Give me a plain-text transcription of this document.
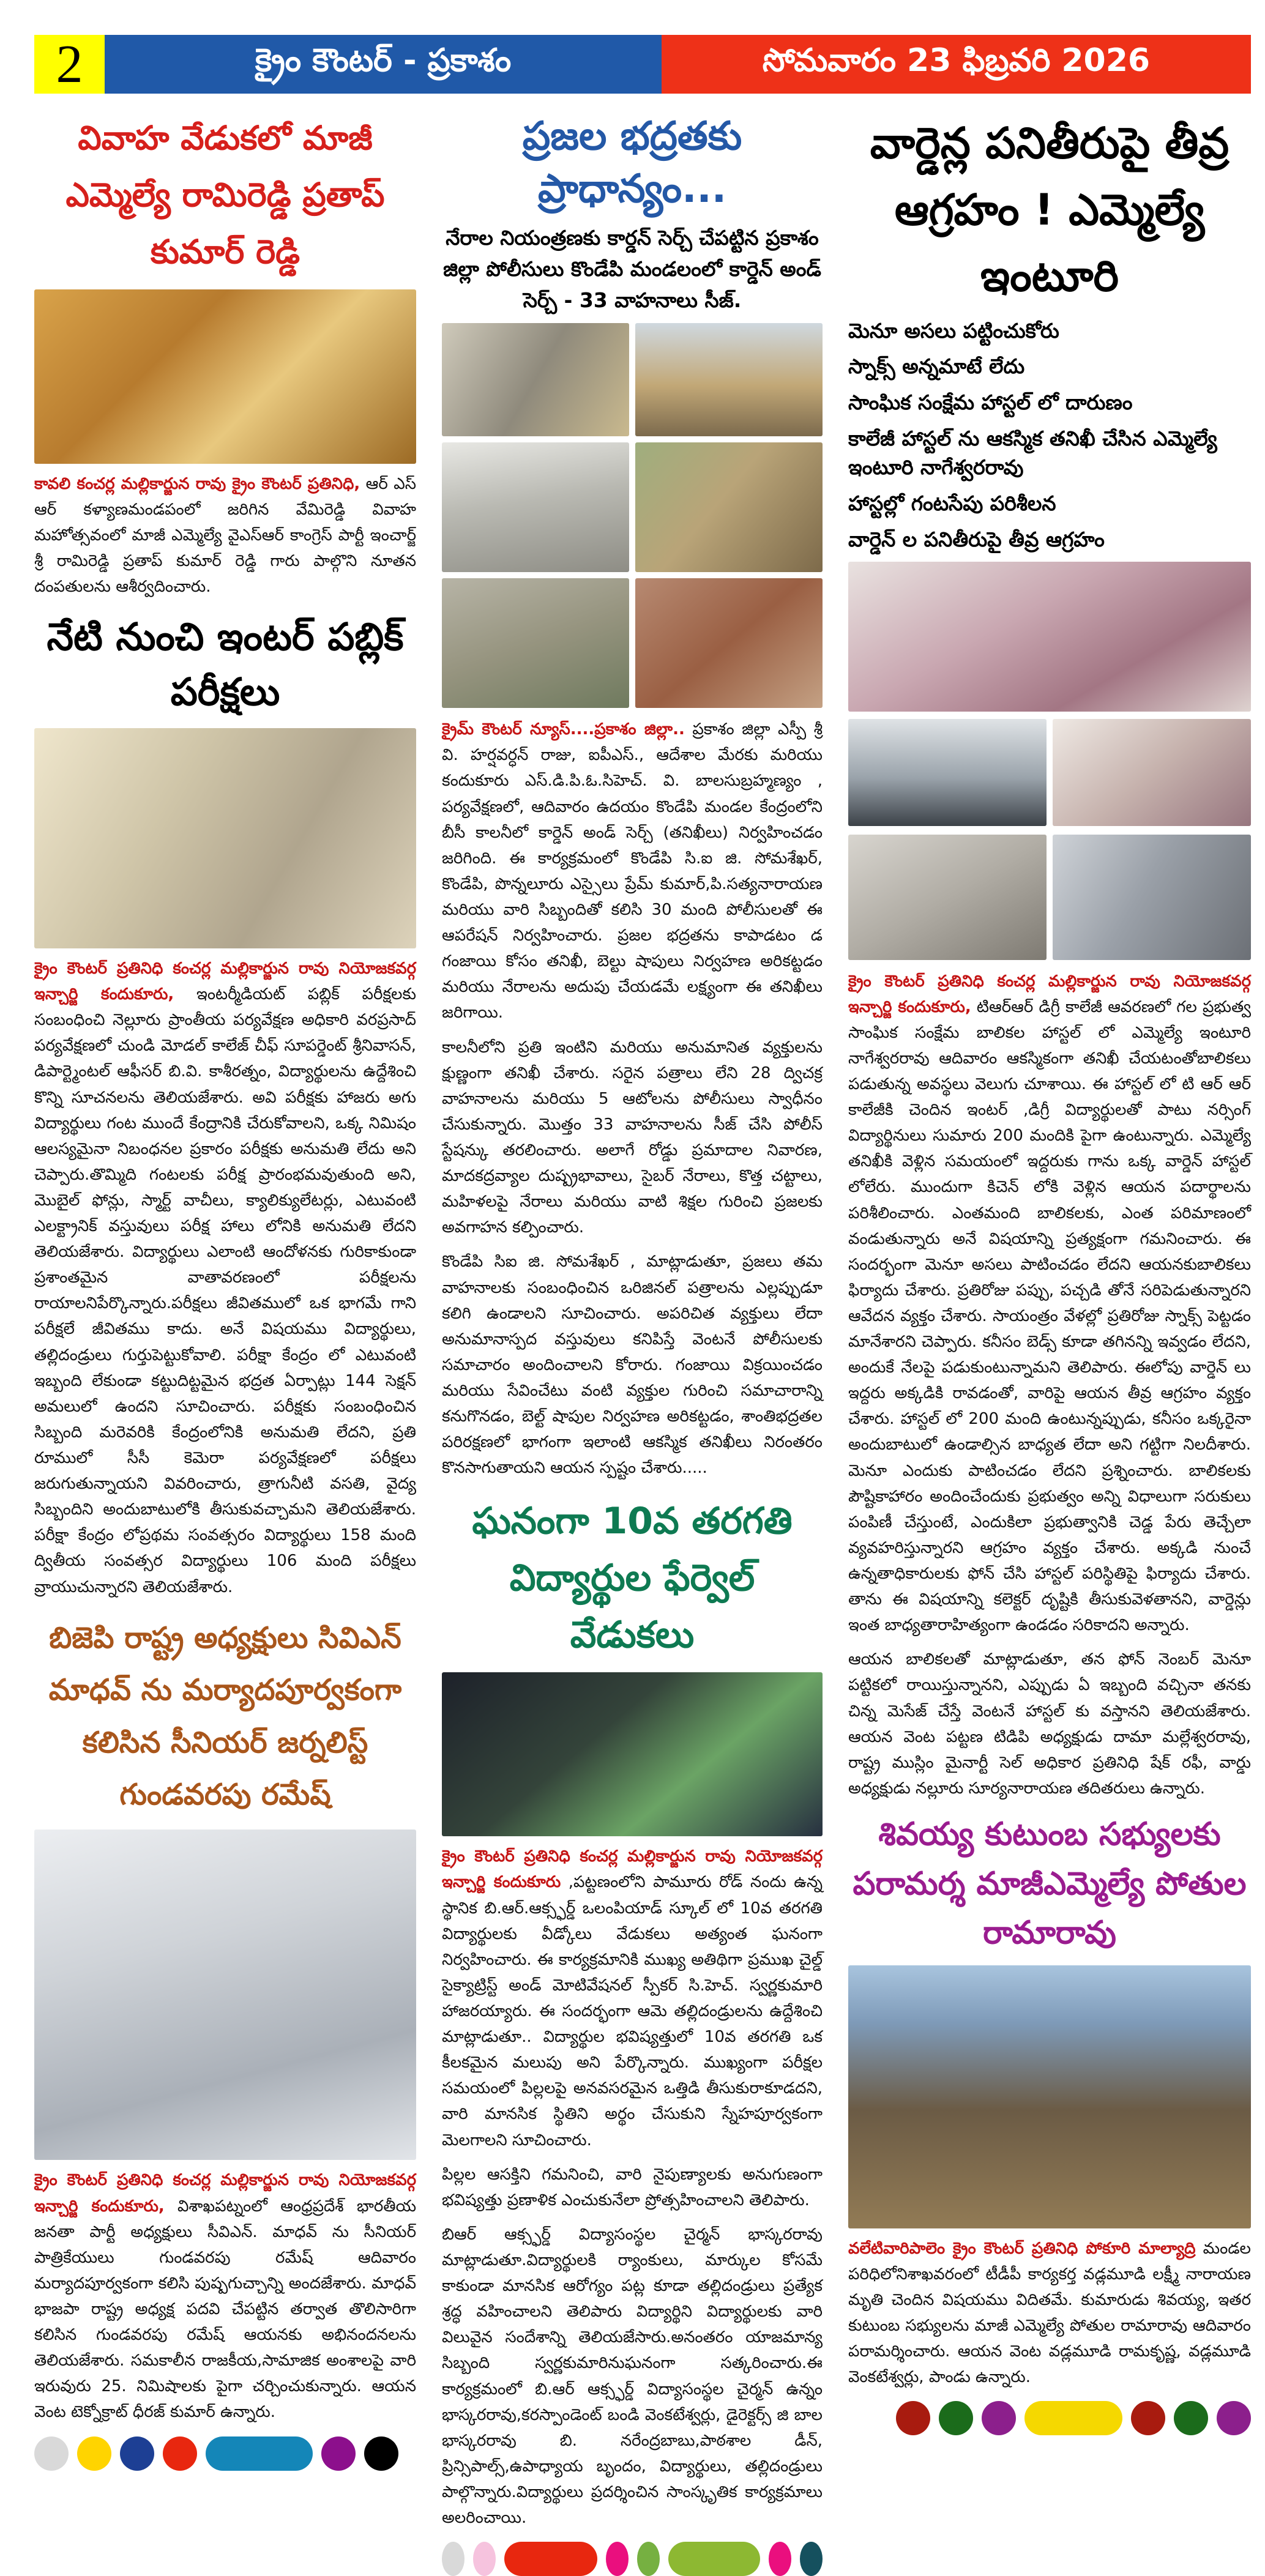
2	క్రైం కౌంటర్ - ప్రకాశం	సోమవారం 23 ఫిబ్రవరి 2026
వివాహ వేడుకలో మాజీ ఎమ్మెల్యే రామిరెడ్డి ప్రతాప్ కుమార్ రెడ్డి

కావలి కంచర్ల మల్లికార్జున రావు క్రైం కౌంటర్ ప్రతినిధి, ఆర్ ఎస్ ఆర్ కళ్యాణమండపంలో జరిగిన వేమిరెడ్డి వివాహ మహోత్సవంలో మాజీ ఎమ్మెల్యే వైఎస్ఆర్ కాంగ్రెస్ పార్టీ ఇంచార్జ్ శ్రీ రామిరెడ్డి ప్రతాప్ కుమార్ రెడ్డి గారు పాల్గొని నూతన దంపతులను ఆశీర్వదించారు.

నేటి నుంచి ఇంటర్ పబ్లిక్ పరీక్షలు

క్రైం కౌంటర్ ప్రతినిధి కంచర్ల మల్లికార్జున రావు నియోజకవర్గ ఇన్చార్జి కందుకూరు, ఇంటర్మీడియట్ పబ్లిక్ పరీక్షలకు సంబంధించి నెల్లూరు ప్రాంతీయ పర్యవేక్షణ అధికారి వరప్రసాద్ పర్యవేక్షణలో చుండి మోడల్ కాలేజ్ చీఫ్ సూపర్డెంట్ శ్రీనివాసన్, డిపార్ట్మెంటల్ ఆఫీసర్ బి.వి. కాశీరత్నం, విద్యార్థులను ఉద్దేశించి కొన్ని సూచనలను తెలియజేశారు. అవి పరీక్షకు హాజరు అగు విద్యార్థులు గంట ముందే కేంద్రానికి చేరుకోవాలని, ఒక్క నిమిషం ఆలస్యమైనా నిబంధనల ప్రకారం పరీక్షకు అనుమతి లేదు అని చెప్పారు.తొమ్మిది గంటలకు పరీక్ష ప్రారంభమవుతుంది అని, మొబైల్ ఫోన్లు, స్మార్ట్ వాచీలు, క్యాలిక్యులేటర్లు, ఎటువంటి ఎలక్ట్రానిక్ వస్తువులు పరీక్ష హాలు లోనికి అనుమతి లేదని తెలియజేశారు. విద్యార్థులు ఎలాంటి ఆందోళనకు గురికాకుండా ప్రశాంతమైన వాతావరణంలో పరీక్షలను రాయాలనిపేర్కొన్నారు.పరీక్షలు జీవితములో ఒక భాగమే గాని పరీక్షలే జీవితము కాదు. అనే విషయము విద్యార్థులు, తల్లిదండ్రులు గుర్తుపెట్టుకోవాలి. పరీక్షా కేంద్రం లో ఎటువంటి ఇబ్బంది లేకుండా కట్టుదిట్టమైన భద్రత ఏర్పాట్లు 144 సెక్షన్ అమలులో ఉందని సూచించారు. పరీక్షకు సంబంధించిన సిబ్బంది మరెవరికి కేంద్రంలోనికి అనుమతి లేదని, ప్రతి రూములో సీసీ కెమెరా పర్యవేక్షణలో పరీక్షలు జరుగుతున్నాయని వివరించారు, త్రాగునీటి వసతి, వైద్య సిబ్బందిని అందుబాటులోకి తీసుకువచ్చామని తెలియజేశారు. పరీక్షా కేంద్రం లోప్రథమ సంవత్సరం విద్యార్థులు 158 మంది ద్వితీయ సంవత్సర విద్యార్థులు 106 మంది పరీక్షలు వ్రాయుచున్నారని తెలియజేశారు.

బిజెపి రాష్ట్ర అధ్యక్షులు సివిఎన్ మాధవ్ ను మర్యాదపూర్వకంగా కలిసిన సీనియర్ జర్నలిస్ట్ గుండవరపు రమేష్

క్రైం కౌంటర్ ప్రతినిధి కంచర్ల మల్లికార్జున రావు నియోజకవర్గ ఇన్చార్జి కందుకూరు, విశాఖపట్నంలో ఆంధ్రప్రదేశ్ భారతీయ జనతా పార్టీ అధ్యక్షులు సీవిఎన్. మాధవ్ ను సీనియర్ పాత్రికేయులు గుండవరపు రమేష్ ఆదివారం మర్యాదపూర్వకంగా కలిసి పుష్పగుచ్చాన్ని అందజేశారు. మాధవ్ భాజపా రాష్ట్ర అధ్యక్ష పదవి చేపట్టిన తర్వాత తొలిసారిగా కలిసిన గుండవరపు రమేష్ ఆయనకు అభినందనలను తెలియజేశారు. సమకాలీన రాజకీయ,సామాజిక అంశాలపై వారి ఇరువురు 25. నిమిషాలకు పైగా చర్చించుకున్నారు. ఆయన వెంట టెక్నోక్రాట్ ధీరజ్ కుమార్ ఉన్నారు.

ప్రజల భద్రతకు ప్రాధాన్యం...
నేరాల నియంత్రణకు కార్డన్ సెర్చ్ చేపట్టిన ప్రకాశం జిల్లా పోలీసులు కొండేపి మండలంలో కార్డెన్ అండ్ సెర్చ్ - 33 వాహనాలు సీజ్.

క్రైమ్ కౌంటర్ న్యూస్....ప్రకాశం జిల్లా.. ప్రకాశం జిల్లా ఎస్పీ శ్రీ వి. హర్షవర్ధన్ రాజు, ఐపీఎస్., ఆదేశాల మేరకు మరియు కందుకూరు ఎస్.డి.పి.ఓ.సిహెచ్. వి. బాలసుబ్రహ్మణ్యం , పర్యవేక్షణలో, ఆదివారం ఉదయం కొండేపి మండల కేంద్రంలోని బీసీ కాలనీలో కార్డెన్ అండ్ సెర్చ్ (తనిఖీలు) నిర్వహించడం జరిగింది. ఈ కార్యక్రమంలో కొండేపి సి.ఐ జి. సోమశేఖర్, కొండేపి, పొన్నలూరు ఎస్సైలు ప్రేమ్ కుమార్,పి.సత్యనారాయణ మరియు వారి సిబ్బందితో కలిసి 30 మంది పోలీసులతో ఈ ఆపరేషన్ నిర్వహించారు. ప్రజల భద్రతను కాపాడటం డ గంజాయి కోసం తనిఖీ, బెల్టు షాపులు నిర్వహణ అరికట్టడం మరియు నేరాలను అదుపు చేయడమే లక్ష్యంగా ఈ తనిఖీలు జరిగాయి.

కాలనీలోని ప్రతి ఇంటిని మరియు అనుమానిత వ్యక్తులను క్షుణ్ణంగా తనిఖీ చేశారు. సరైన పత్రాలు లేని 28 ద్విచక్ర వాహనాలను మరియు 5 ఆటోలను పోలీసులు స్వాధీనం చేసుకున్నారు. మొత్తం 33 వాహనాలను సీజ్ చేసి పోలీస్ స్టేషన్కు తరలించారు. అలాగే రోడ్డు ప్రమాదాల నివారణ, మాదకద్రవ్యాల దుష్ప్రభావాలు, సైబర్ నేరాలు, కొత్త చట్టాలు, మహిళలపై నేరాలు మరియు వాటి శిక్షల గురించి ప్రజలకు అవగాహన కల్పించారు.

కొండేపి సిఐ జి. సోమశేఖర్ , మాట్లాడుతూ, ప్రజలు తమ వాహనాలకు సంబంధించిన ఒరిజినల్ పత్రాలను ఎల్లప్పుడూ కలిగి ఉండాలని సూచించారు. అపరిచిత వ్యక్తులు లేదా అనుమానాస్పద వస్తువులు కనిపిస్తే వెంటనే పోలీసులకు సమాచారం అందించాలని కోరారు. గంజాయి విక్రయించడం మరియు సేవించేటు వంటి వ్యక్తుల గురించి సమాచారాన్ని కనుగొనడం, బెల్ట్ షాపుల నిర్వహణ అరికట్టడం, శాంతిభద్రతల పరిరక్షణలో భాగంగా ఇలాంటి ఆకస్మిక తనిఖీలు నిరంతరం కొనసాగుతాయని ఆయన స్పష్టం చేశారు.....

ఘనంగా 10వ తరగతి విద్యార్థుల ఫేర్వెల్ వేడుకలు

క్రైం కౌంటర్ ప్రతినిధి కంచర్ల మల్లికార్జున రావు నియోజకవర్గ ఇన్చార్జి కందుకూరు ,పట్టణంలోని పామూరు రోడ్ నందు ఉన్న స్థానిక బి.ఆర్.ఆక్స్ఫర్డ్ ఒలంపియాడ్ స్కూల్ లో 10వ తరగతి విద్యార్థులకు వీడ్కోలు వేడుకలు అత్యంత ఘనంగా నిర్వహించారు. ఈ కార్యక్రమానికి ముఖ్య అతిథిగా ప్రముఖ చైల్డ్ సైక్యాట్రిస్ట్ అండ్ మోటివేషనల్ స్పీకర్ సి.హెచ్. స్వర్ణకుమారి హాజరయ్యారు. ఈ సందర్భంగా ఆమె తల్లిదండ్రులను ఉద్దేశించి మాట్లాడుతూ.. విద్యార్థుల భవిష్యత్తులో 10వ తరగతి ఒక కీలకమైన మలుపు అని పేర్కొన్నారు. ముఖ్యంగా పరీక్షల సమయంలో పిల్లలపై అనవసరమైన ఒత్తిడి తీసుకురాకూడదని, వారి మానసిక స్థితిని అర్థం చేసుకుని స్నేహపూర్వకంగా మెలగాలని సూచించారు.

పిల్లల ఆసక్తిని గమనించి, వారి నైపుణ్యాలకు అనుగుణంగా భవిష్యత్తు ప్రణాళిక ఎంచుకునేలా ప్రోత్సహించాలని తెలిపారు.

బిఆర్ ఆక్స్ఫర్డ్ విద్యాసంస్థల చైర్మన్ భాస్కరరావు మాట్లాడుతూ.విద్యార్థులకి ర్యాంకులు, మార్కుల కోసమే కాకుండా మానసిక ఆరోగ్యం పట్ల కూడా తల్లిదండ్రులు ప్రత్యేక శ్రద్ధ వహించాలని తెలిపారు విద్యార్థిని విద్యార్థులకు వారి విలువైన సందేశాన్ని తెలియజేసారు.అనంతరం యాజమాన్య సిబ్బంది స్వర్ణకుమారినుఘనంగా సత్కరించారు.ఈ కార్యక్రమంలో బి.ఆర్ ఆక్స్ఫర్డ్ విద్యాసంస్థల చైర్మన్ ఉన్నం భాస్కరరావు,కరస్పాండెంట్ బండి వెంకటేశ్వర్లు, డైరెక్టర్స్ జి బాల భాస్కరరావు బి. నరేంద్రబాబు,పాఠశాల డీన్, ప్రిన్సిపాల్స్,ఉపాధ్యాయ బృందం, విద్యార్థులు, తల్లిదండ్రులు పాల్గొన్నారు.విద్యార్థులు ప్రదర్శించిన సాంస్కృతిక కార్యక్రమాలు అలరించాయి.

వార్డెన్ల పనితీరుపై తీవ్ర ఆగ్రహం ! ఎమ్మెల్యే ఇంటూరి
మెనూ అసలు పట్టించుకోరు
స్నాక్స్ అన్నమాటే లేదు
సాంఘిక సంక్షేమ హాస్టల్ లో దారుణం
కాలేజీ హాస్టల్ ను ఆకస్మిక తనిఖీ చేసిన ఎమ్మెల్యే ఇంటూరి నాగేశ్వరరావు
హాస్టల్లో గంటసేపు పరిశీలన
వార్డెన్ ల పనితీరుపై తీవ్ర ఆగ్రహం

క్రైం కౌంటర్ ప్రతినిధి కంచర్ల మల్లికార్జున రావు నియోజకవర్గ ఇన్చార్జి కందుకూరు, టిఆర్ఆర్ డిగ్రీ కాలేజీ ఆవరణలో గల ప్రభుత్వ సాంఘిక సంక్షేమ బాలికల హాస్టల్ లో ఎమ్మెల్యే ఇంటూరి నాగేశ్వరరావు ఆదివారం ఆకస్మికంగా తనిఖీ చేయటంతోబాలికలు పడుతున్న అవస్థలు వెలుగు చూశాయి. ఈ హాస్టల్ లో టి ఆర్ ఆర్ కాలేజీకి చెందిన ఇంటర్ ,డిగ్రీ విద్యార్థులతో పాటు నర్సింగ్ విద్యార్థినులు సుమారు 200 మందికి పైగా ఉంటున్నారు. ఎమ్మెల్యే తనిఖీకి వెళ్లిన సమయంలో ఇద్దరుకు గాను ఒక్క వార్డెన్ హాస్టల్ లోలేరు. ముందుగా కిచెన్ లోకి వెళ్లిన ఆయన పదార్థాలను పరిశీలించారు. ఎంతమంది బాలికలకు, ఎంత పరిమాణంలో వండుతున్నారు అనే విషయాన్ని ప్రత్యక్షంగా గమనించారు. ఈ సందర్భంగా మెనూ అసలు పాటించడం లేదని ఆయనకుబాలికలు ఫిర్యాదు చేశారు. ప్రతిరోజు పప్పు, పచ్చడి తోనే సరిపెడుతున్నారని ఆవేదన వ్యక్తం చేశారు. సాయంత్రం వేళల్లో ప్రతిరోజు స్నాక్స్ పెట్టడం మానేశారని చెప్పారు. కనీసం బెడ్స్ కూడా తగినన్ని ఇవ్వడం లేదని, అందుకే నేలపై పడుకుంటున్నామని తెలిపారు. ఈలోపు వార్డెన్ లు ఇద్దరు అక్కడికి రావడంతో, వారిపై ఆయన తీవ్ర ఆగ్రహం వ్యక్తం చేశారు. హాస్టల్ లో 200 మంది ఉంటున్నప్పుడు, కనీసం ఒక్కరైనా అందుబాటులో ఉండాల్సిన బాధ్యత లేదా అని గట్టిగా నిలదీశారు. మెనూ ఎందుకు పాటించడం లేదని ప్రశ్నించారు. బాలికలకు పౌష్టికాహారం అందించేందుకు ప్రభుత్వం అన్ని విధాలుగా సరుకులు పంపిణీ చేస్తుంటే, ఎందుకిలా ప్రభుత్వానికి చెడ్డ పేరు తెచ్చేలా వ్యవహరిస్తున్నారని ఆగ్రహం వ్యక్తం చేశారు. అక్కడి నుంచే ఉన్నతాధికారులకు ఫోన్ చేసి హాస్టల్ పరిస్థితిపై ఫిర్యాదు చేశారు. తాను ఈ విషయాన్ని కలెక్టర్ దృష్టికి తీసుకువెళతానని, వార్డెన్లు ఇంత బాధ్యతారాహిత్యంగా ఉండడం సరికాదని అన్నారు.

ఆయన బాలికలతో మాట్లాడుతూ, తన ఫోన్ నెంబర్ మెనూ పట్టికలో రాయిస్తున్నానని, ఎప్పుడు ఏ ఇబ్బంది వచ్చినా తనకు చిన్న మెసేజ్ చేస్తే వెంటనే హాస్టల్ కు వస్తానని తెలియజేశారు. ఆయన వెంట పట్టణ టిడిపి అధ్యక్షుడు దామా మల్లేశ్వరరావు, రాష్ట్ర ముస్లిం మైనార్టీ సెల్ అధికార ప్రతినిధి షేక్ రఫీ, వార్డు అధ్యక్షుడు నల్లూరు సూర్యనారాయణ తదితరులు ఉన్నారు.

శివయ్య కుటుంబ సభ్యులకు పరామర్శ మాజీఎమ్మెల్యే పోతుల రామారావు

వలేటివారిపాలెం క్రైం కౌంటర్ ప్రతినిధి పోకూరి మాల్యాద్రి మండల పరిధిలోనిశాఖవరంలో టీడీపీ కార్యకర్త వడ్లమూడి లక్ష్మీ నారాయణ మృతి చెందిన విషయము విదితమే. కుమారుడు శివయ్య, ఇతర కుటుంబ సభ్యులను మాజీ ఎమ్మెల్యే పోతుల రామారావు ఆదివారం పరామర్శించారు. ఆయన వెంట వడ్లమూడి రామకృష్ణ, వడ్లమూడి వెంకటేశ్వర్లు, పాండు ఉన్నారు.
